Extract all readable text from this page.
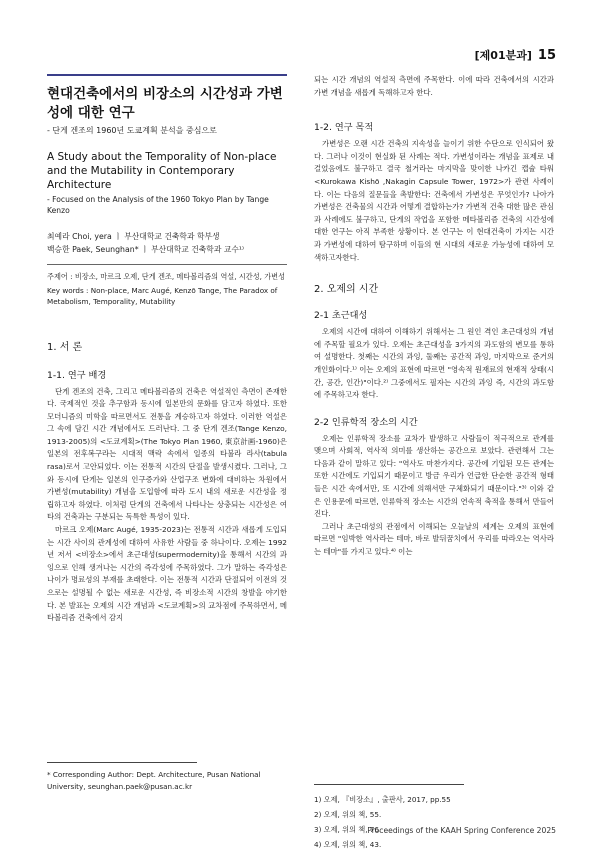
[제01분과] 15
현대건축에서의 비장소의 시간성과 가변성에 대한 연구
- 단게 겐조의 1960년 도쿄계획 분석을 중심으로
A Study about the Temporality of Non-place and the Mutability in Contemporary Architecture
- Focused on the Analysis of the 1960 Tokyo Plan by Tange Kenzo
최예라 Choi, yera ㅣ 부산대학교 건축학과 학부생
백승한 Paek, Seunghan* ㅣ 부산대학교 건축학과 교수¹⁾
주제어 : 비장소, 마르크 오제, 단게 겐조, 메타볼리즘의 역설, 시간성, 가변성
Key words : Non-place, Marc Augé, Kenzō Tange, The Paradox of Metabolism, Temporality, Mutability
1. 서 론
1-1. 연구 배경

단게 겐조의 건축, 그리고 메타볼리즘의 건축은 역설적인 측면이 존재한다. 국제적인 것을 추구함과 동시에 일본만의 문화를 담고자 하였다. 또한 모더니즘의 미학을 따르면서도 전통을 계승하고자 하였다. 이러한 역설은 그 속에 담긴 시간 개념에서도 드러난다. 그 중 단게 겐조(Tange Kenzo, 1913-2005)의 <도쿄계획>(The Tokyo Plan 1960, 東京計画-1960)은 일본의 전후복구라는 시대적 맥락 속에서 일종의 타불라 라사(tabula rasa)로서 고안되었다. 이는 전통적 시간의 단절을 발생시켰다. 그러나, 그와 동시에 단게는 일본의 인구증가와 산업구조 변화에 대비하는 차원에서 가변성(mutability) 개념을 도입함에 따라 도시 내의 새로운 시간성을 정립하고자 하였다. 이처럼 단게의 건축에서 나타나는 상충되는 시간성은 여타의 건축과는 구분되는 독특한 특성이 있다.

마르크 오제(Marc Augé, 1935-2023)는 전통적 시간과 새롭게 도입되는 시간 사이의 관계성에 대하여 사유한 사람들 중 하나이다. 오제는 1992년 저서 <비장소>에서 초근대성(supermodernity)을 통해서 시간의 과잉으로 인해 생겨나는 시간의 즉각성에 주목하였다. 그가 말하는 즉각성은 나이가 명료성의 부재를 초래한다. 이는 전통적 시간과 단절되어 이전의 것으로는 설명될 수 없는 새로운 시간성, 즉 비장소적 시간의 창발을 야기한다. 본 발표는 오제의 시간 개념과 <도쿄계획>의 교차점에 주목하면서, 메타볼리즘 건축에서 감지

* Corresponding Author: Dept. Architecture, Pusan National University, seunghan.paek@pusan.ac.kr

되는 시간 개념의 역설적 측면에 주목한다. 이에 따라 건축에서의 시간과 가변 개념을 새롭게 독해하고자 한다.

1-2. 연구 목적

가변성은 오랜 시간 건축의 지속성을 늘이기 위한 수단으로 인식되어 왔다. 그러나 이것이 현실화 된 사례는 적다. 가변성이라는 개념을 표제로 내걸었음에도 불구하고 결국 철거라는 마지막을 맞이한 나카긴 캡슐 타워<Kurokawa Kishō ,Nakagin Capsule Tower, 1972>가 관련 사례이다. 이는 다음의 질문들을 촉발한다: 건축에서 가변성은 무엇인가? 나아가 가변성은 건축물의 시간과 어떻게 결합하는가? 가변적 건축 대한 많은 관심과 사례에도 불구하고, 단게의 작업을 포함한 메타볼리즘 건축의 시간성에 대한 연구는 아직 부족한 상황이다. 본 연구는 이 현대건축이 가지는 시간과 가변성에 대하여 탐구하며 이들의 현 시대의 새로운 가능성에 대하여 모색하고자한다.

2. 오제의 시간
2-1 초근대성

오제의 시간에 대하여 이해하기 위해서는 그 원인 격인 초근대성의 개념에 주목할 필요가 있다. 오제는 초근대성을 3가지의 과도함의 변모를 통하여 설명한다. 첫째는 시간의 과잉, 둘째는 공간적 과잉, 마지막으로 준거의 개인화이다.¹⁾ 이는 오제의 표현에 따르면 "영속적 원재료의 현재적 상태(시간, 공간, 인간)"이다.²⁾ 그중에서도 필자는 시간의 과잉 즉, 시간의 과도함에 주목하고자 한다.

2-2 인류학적 장소의 시간

오제는 인류학적 장소를 교차가 발생하고 사람들이 적극적으로 관계를 맺으며 사회적, 역사적 의미를 생산하는 공간으로 보았다. 관련해서 그는 다음과 같이 말하고 있다: "역사도 마찬가지다. 공간에 기입된 모든 관계는 또한 시간에도 기입되기 때문이고 방금 우리가 언급한 단순한 공간적 형태들은 시간 속에서만, 또 시간에 의해서만 구체화되기 때문이다."³⁾ 이와 같은 인용문에 따르면, 인류학적 장소는 시간의 연속적 축적을 통해서 만들어진다.

그러나 초근대성의 관점에서 이해되는 오늘날의 세계는 오제의 표현에 따르면 "임박한 역사라는 테마, 바로 발뒤꿈치에서 우리를 따라오는 역사라는 테마"를 가지고 있다.⁴⁾ 이는

1) 오제, 『비장소』, 출판사, 2017, pp.55
2) 오제, 위의 책, 55.
3) 오제, 위의 책, 76.
4) 오제, 위의 책, 43.
Proceedings of the KAAH Spring Conference 2025
